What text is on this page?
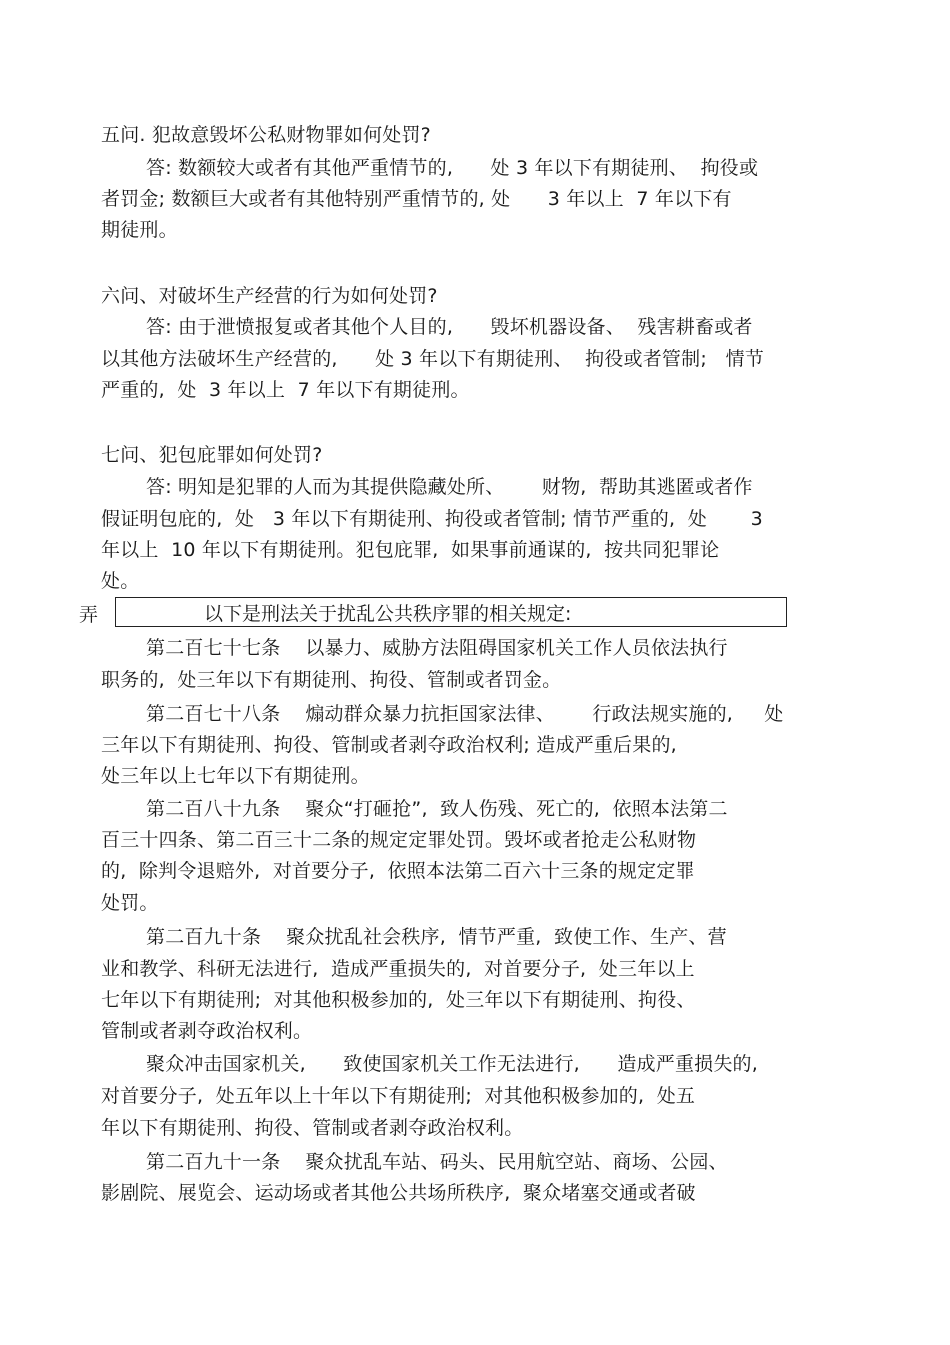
五问. 犯故意毁坏公私财物罪如何处罚?
答: 数额较大或者有其他严重情节的,      处 3 年以下有期徒刑、  拘役或
者罚金; 数额巨大或者有其他特别严重情节的, 处      3 年以上  7 年以下有
期徒刑。
六问、对破坏生产经营的行为如何处罚?
答: 由于泄愤报复或者其他个人目的,      毁坏机器设备、  残害耕畜或者
以其他方法破坏生产经营的,      处 3 年以下有期徒刑、  拘役或者管制;   情节
严重的,  处  3 年以上  7 年以下有期徒刑。
七问、犯包庇罪如何处罚?
答: 明知是犯罪的人而为其提供隐藏处所、      财物,  帮助其逃匿或者作
假证明包庇的,  处   3 年以下有期徒刑、拘役或者管制; 情节严重的,  处       3
年以上  10 年以下有期徒刑。犯包庇罪,  如果事前通谋的,  按共同犯罪论
处。
弄	以下是刑法关于扰乱公共秩序罪的相关规定:
第二百七十七条    以暴力、威胁方法阻碍国家机关工作人员依法执行
职务的,  处三年以下有期徒刑、拘役、管制或者罚金。
第二百七十八条    煽动群众暴力抗拒国家法律、      行政法规实施的,     处
三年以下有期徒刑、拘役、管制或者剥夺政治权利; 造成严重后果的,
处三年以上七年以下有期徒刑。
第二百八十九条    聚众“打砸抢”,  致人伤残、死亡的,  依照本法第二
百三十四条、第二百三十二条的规定定罪处罚。毁坏或者抢走公私财物
的,  除判令退赔外,  对首要分子,  依照本法第二百六十三条的规定定罪
处罚。
第二百九十条    聚众扰乱社会秩序,  情节严重,  致使工作、生产、营
业和教学、科研无法进行,  造成严重损失的,  对首要分子,  处三年以上
七年以下有期徒刑;  对其他积极参加的,  处三年以下有期徒刑、拘役、
管制或者剥夺政治权利。
聚众冲击国家机关,      致使国家机关工作无法进行,      造成严重损失的,
对首要分子,  处五年以上十年以下有期徒刑;  对其他积极参加的,  处五
年以下有期徒刑、拘役、管制或者剥夺政治权利。
第二百九十一条    聚众扰乱车站、码头、民用航空站、商场、公园、
影剧院、展览会、运动场或者其他公共场所秩序,  聚众堵塞交通或者破
